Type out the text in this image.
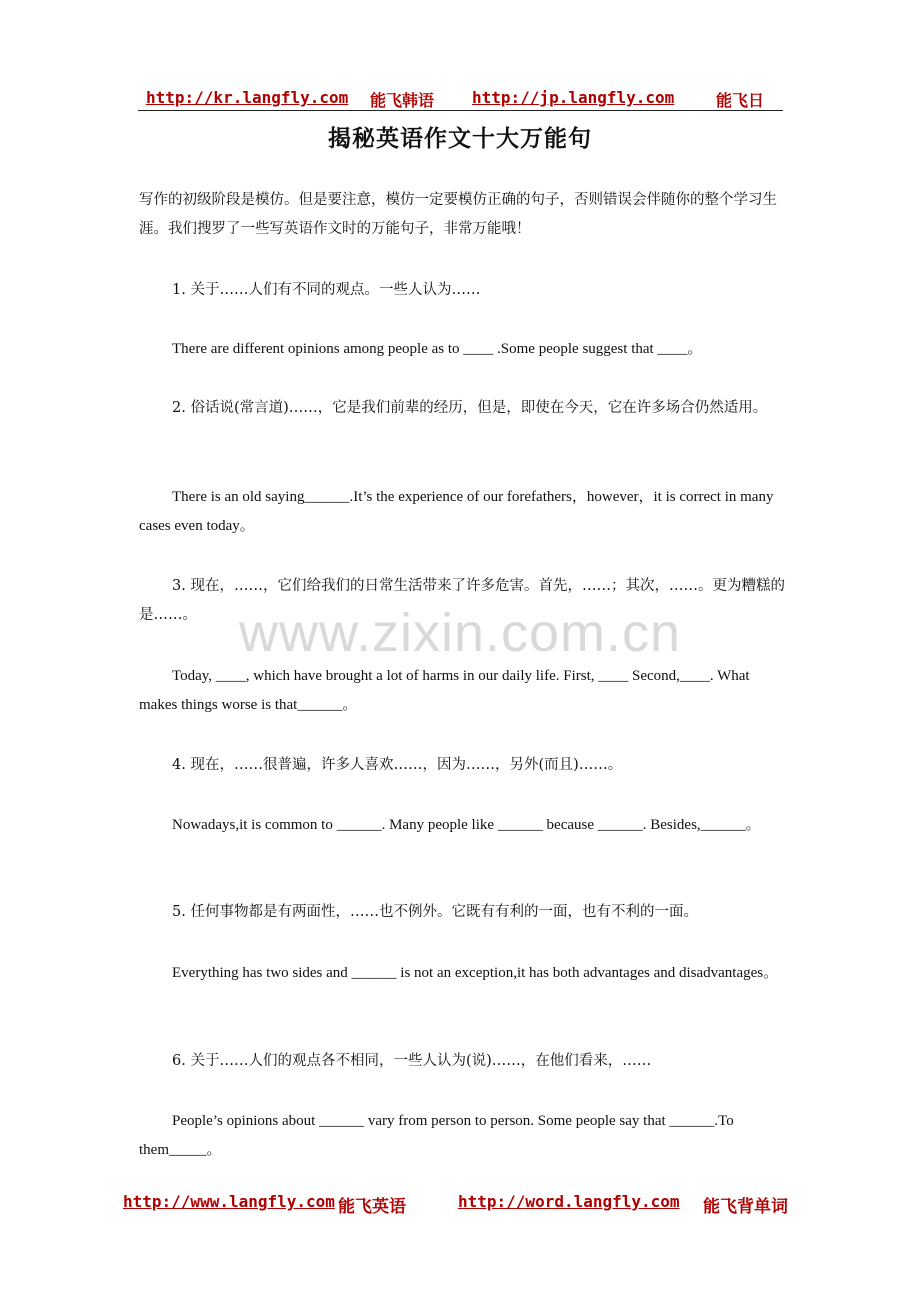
http://kr.langfly.com 能飞韩语 http://jp.langfly.com	能飞日
揭秘英语作文十大万能句
写作的初级阶段是模仿。但是要注意，模仿一定要模仿正确的句子，否则错误会伴随你的整个学习生涯。我们搜罗了一些写英语作文时的万能句子，非常万能哦！
1. 关于……人们有不同的观点。一些人认为……
There are different opinions among people as to ____ .Some people suggest that ____。
2. 俗话说(常言道)……，它是我们前辈的经历，但是，即使在今天，它在许多场合仍然适用。
There is an old saying______.It’s the experience of our forefathers，however，it is correct in many cases even today。
3. 现在，……，它们给我们的日常生活带来了许多危害。首先，……；其次，……。更为糟糕的是……。
Today, ____, which have brought a lot of harms in our daily life. First, ____ Second,____. What makes things worse is that______。
4. 现在，……很普遍，许多人喜欢……，因为……，另外(而且)……。
Nowadays,it is common to ______. Many people like ______ because ______. Besides,______。
5. 任何事物都是有两面性，……也不例外。它既有有利的一面，也有不利的一面。
Everything has two sides and ______ is not an exception,it has both advantages and disadvantages。
6. 关于……人们的观点各不相同，一些人认为(说)……，在他们看来，……
People’s opinions about ______ vary from person to person. Some people say that ______.To them_____。
www.zixin.com.cn
http://www.langfly.com 能飞英语	http://word.langfly.com 能飞背单词
